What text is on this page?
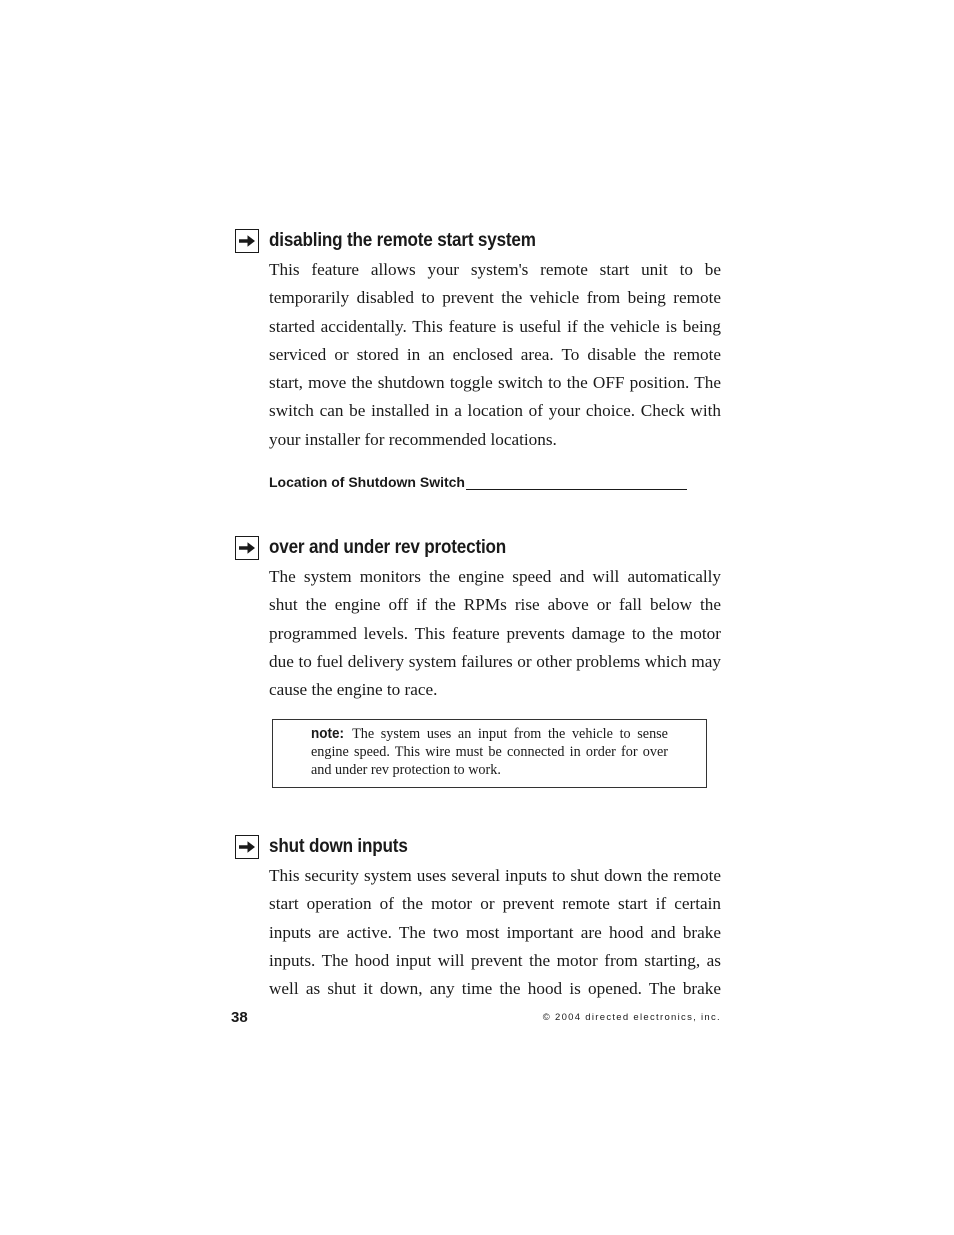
disabling the remote start system

This feature allows your system's remote start unit to be temporarily disabled to prevent the vehicle from being remote started accidentally. This feature is useful if the vehicle is being serviced or stored in an enclosed area. To disable the remote start, move the shutdown toggle switch to the OFF position. The switch can be installed in a location of your choice. Check with your installer for recommended locations.

Location of Shutdown Switch
over and under rev protection

The system monitors the engine speed and will automatically shut the engine off if the RPMs rise above or fall below the programmed levels. This feature prevents damage to the motor due to fuel delivery system failures or other problems which may cause the engine to race.

note: The system uses an input from the vehicle to sense engine speed. This wire must be connected in order for over and under rev protection to work.

shut down inputs

This security system uses several inputs to shut down the remote start operation of the motor or prevent remote start if certain inputs are active. The two most important are hood and brake inputs. The hood input will prevent the motor from starting, as well as shut it down, any time the hood is opened. The brake

38	© 2004 directed electronics, inc.
